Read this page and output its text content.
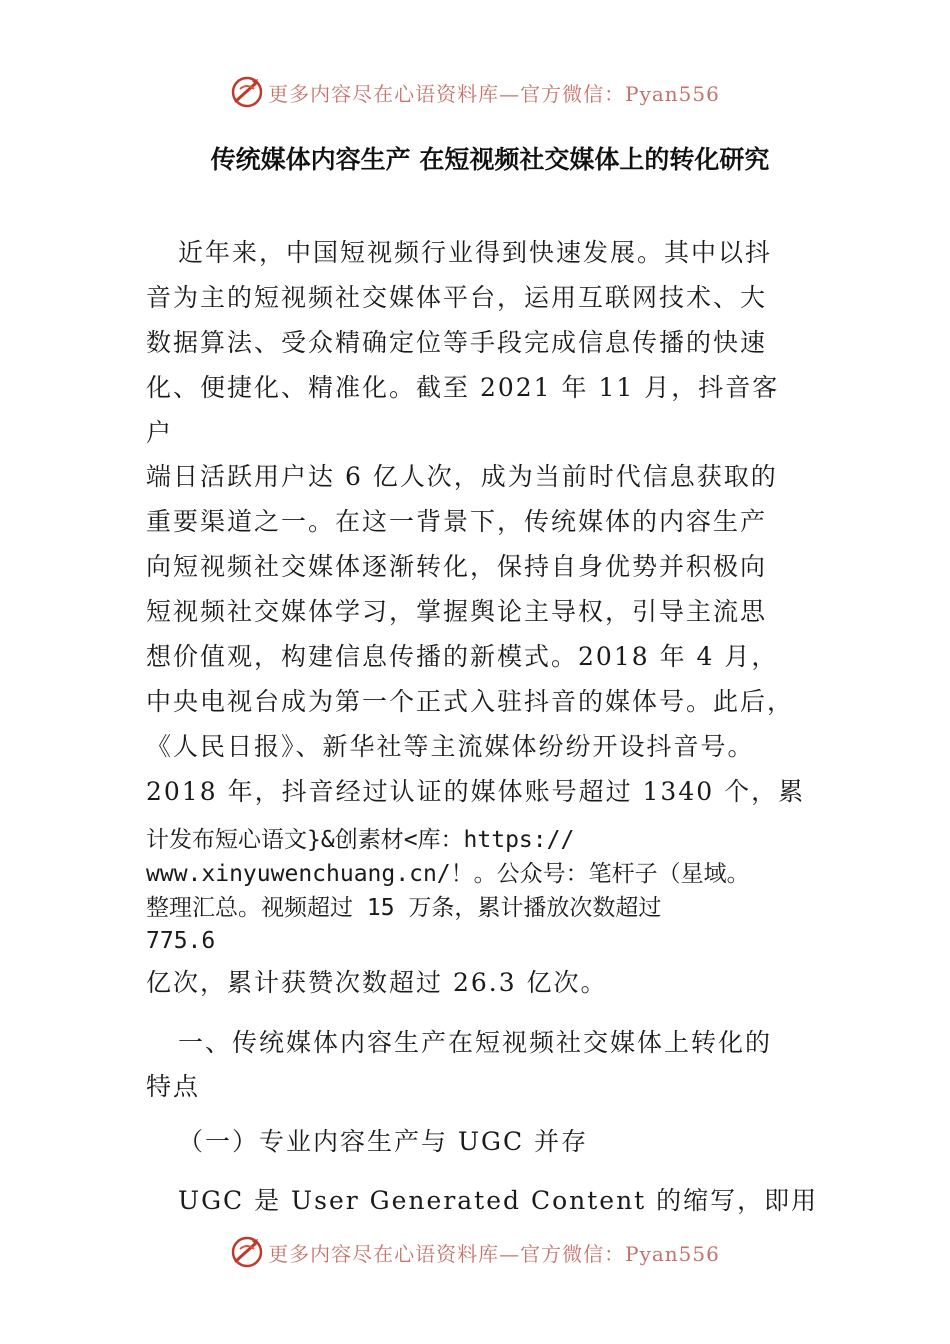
更多内容尽在心语资料库—官方微信：Pyan556
传统媒体内容生产 在短视频社交媒体上的转化研究
近年来，中国短视频行业得到快速发展。其中以抖
音为主的短视频社交媒体平台，运用互联网技术、大
数据算法、受众精确定位等手段完成信息传播的快速
化、便捷化、精准化。截至 2021 年 11 月，抖音客
户
端日活跃用户达 6 亿人次，成为当前时代信息获取的
重要渠道之一。在这一背景下，传统媒体的内容生产
向短视频社交媒体逐渐转化，保持自身优势并积极向
短视频社交媒体学习，掌握舆论主导权，引导主流思
想价值观，构建信息传播的新模式。2018 年 4 月，
中央电视台成为第一个正式入驻抖音的媒体号。此后，
《人民日报》、新华社等主流媒体纷纷开设抖音号。
2018 年，抖音经过认证的媒体账号超过 1340 个，累
计发布短心语文}&创素材<库：https://
www.xinyuwenchuang.cn/！。公众号：笔杆子（星域。
整理汇总。视频超过 15 万条，累计播放次数超过
775.6
亿次，累计获赞次数超过 26.3 亿次。
一、传统媒体内容生产在短视频社交媒体上转化的
特点
（一）专业内容生产与 UGC 并存
UGC 是 User Generated Content 的缩写，即用
更多内容尽在心语资料库—官方微信：Pyan556
